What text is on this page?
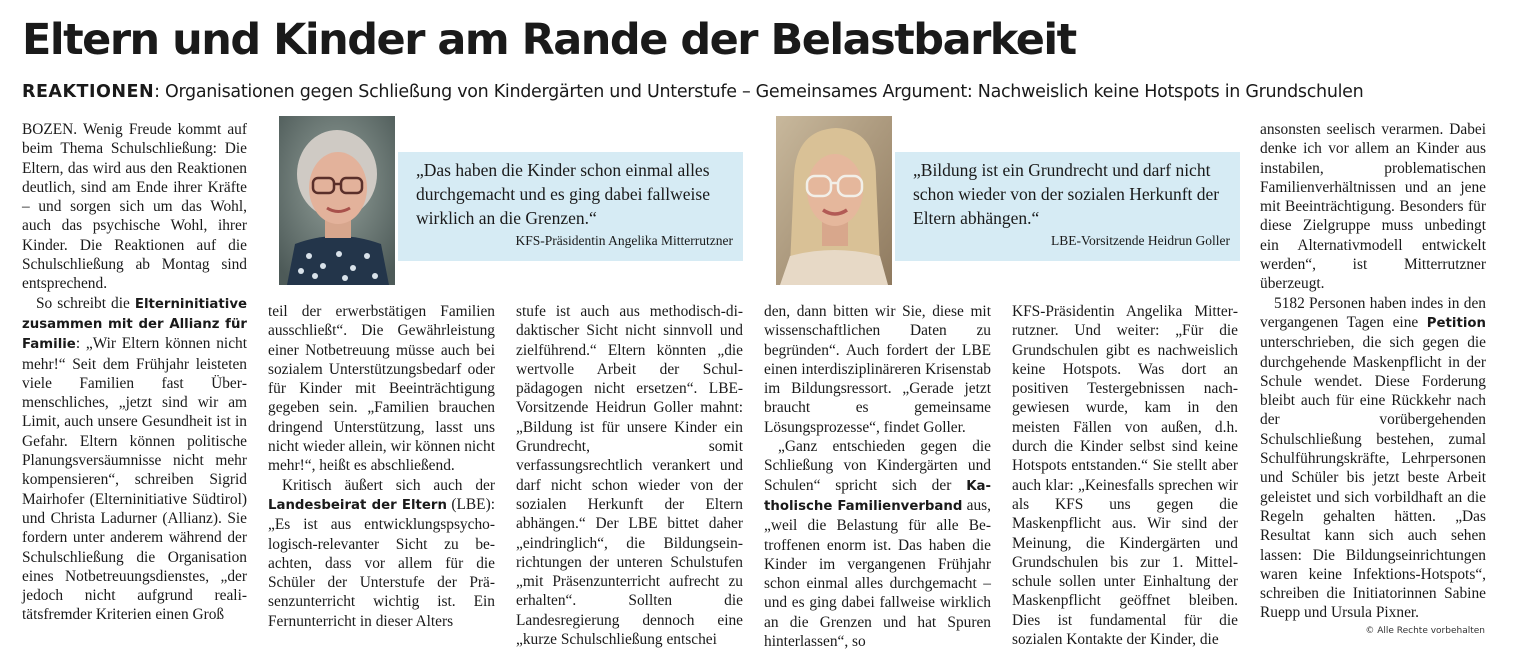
Eltern und Kinder am Rande der Belastbarkeit
REAKTIONEN: Organisationen gegen Schließung von Kindergärten und Unterstufe – Gemeinsames Argument: Nachweislich keine Hotspots in Grundschulen

BOZEN. Wenig Freude kommt auf beim Thema Schulschließung: Die Eltern, das wird aus den Reaktionen deutlich, sind am Ende ihrer Kräfte – und sorgen sich um das Wohl, auch das psychische Wohl, ihrer Kinder. Die Reaktionen auf die Schulschließung ab Montag sind entsprechend.

So schreibt die Elterninitiative zusammen mit der Allianz für Familie: „Wir Eltern können nicht mehr!“ Seit dem Frühjahr leisteten viele Familien fast Übermenschliches, „jetzt sind wir am Limit, auch unsere Gesundheit ist in Gefahr. Eltern können politische Planungsversäumnisse nicht mehr kompensieren“, schreiben Sigrid Mairhofer (Elterninitiative Südtirol) und Christa Ladurner (Allianz). Sie fordern unter anderem während der Schulschließung die Organisation eines Notbetreuungsdienstes, „der jedoch nicht aufgrund realitätsfremder Kriterien einen Groß

„Das haben die Kinder schon einmal alles durchgemacht und es ging dabei fallweise wirklich an die Grenzen.“
KFS-Präsidentin Angelika Mitterrutzner

teil der erwerbstätigen Familien ausschließt“. Die Gewährleistung einer Notbetreuung müsse auch bei sozialem Unterstützungsbedarf oder für Kinder mit Beeinträchtigung gegeben sein. „Familien brauchen dringend Unterstützung, lasst uns nicht wieder allein, wir können nicht mehr!“, heißt es abschließend.

Kritisch äußert sich auch der Landesbeirat der Eltern (LBE): „Es ist aus entwicklungspsychologisch-relevanter Sicht zu beachten, dass vor allem für die Schüler der Unterstufe der Präsenzunterricht wichtig ist. Ein Fernunterricht in dieser Alters

stufe ist auch aus methodisch-didaktischer Sicht nicht sinnvoll und zielführend.“ Eltern könnten „die wertvolle Arbeit der Schulpädagogen nicht ersetzen“. LBE-Vorsitzende Heidrun Goller mahnt: „Bildung ist für unsere Kinder ein Grundrecht, somit verfassungsrechtlich verankert und darf nicht schon wieder von der sozialen Herkunft der Eltern abhängen.“ Der LBE bittet daher „eindringlich“, die Bildungseinrichtungen der unteren Schulstufen „mit Präsenzunterricht aufrecht zu erhalten“. Sollten die Landesregierung dennoch eine „kurze Schulschließung entschei

„Bildung ist ein Grundrecht und darf nicht schon wieder von der sozialen Herkunft der Eltern abhängen.“
LBE-Vorsitzende Heidrun Goller

den, dann bitten wir Sie, diese mit wissenschaftlichen Daten zu begründen“. Auch fordert der LBE einen interdisziplinäreren Krisenstab im Bildungsressort. „Gerade jetzt braucht es gemeinsame Lösungsprozesse“, findet Goller.

„Ganz entschieden gegen die Schließung von Kindergärten und Schulen“ spricht sich der Katholische Familienverband aus, „weil die Belastung für alle Betroffenen enorm ist. Das haben die Kinder im vergangenen Frühjahr schon einmal alles durchgemacht – und es ging dabei fallweise wirklich an die Grenzen und hat Spuren hinterlassen“, so

KFS-Präsidentin Angelika Mitterrutzner. Und weiter: „Für die Grundschulen gibt es nachweislich keine Hotspots. Was dort an positiven Testergebnissen nachgewiesen wurde, kam in den meisten Fällen von außen, d.h. durch die Kinder selbst sind keine Hotspots entstanden.“ Sie stellt aber auch klar: „Keinesfalls sprechen wir als KFS uns gegen die Maskenpflicht aus. Wir sind der Meinung, die Kindergärten und Grundschulen bis zur 1. Mittelschule sollen unter Einhaltung der Maskenpflicht geöffnet bleiben. Dies ist fundamental für die sozialen Kontakte der Kinder, die

ansonsten seelisch verarmen. Dabei denke ich vor allem an Kinder aus instabilen, problematischen Familienverhältnissen und an jene mit Beeinträchtigung. Besonders für diese Zielgruppe muss unbedingt ein Alternativmodell entwickelt werden“, ist Mitterrutzner überzeugt.

5182 Personen haben indes in den vergangenen Tagen eine Petition unterschrieben, die sich gegen die durchgehende Maskenpflicht in der Schule wendet. Diese Forderung bleibt auch für eine Rückkehr nach der vorübergehenden Schulschließung bestehen, zumal Schulführungskräfte, Lehrpersonen und Schüler bis jetzt beste Arbeit geleistet und sich vorbildhaft an die Regeln gehalten hätten. „Das Resultat kann sich auch sehen lassen: Die Bildungseinrichtungen waren keine Infektions-Hotspots“, schreiben die Initiatorinnen Sabine Ruepp und Ursula Pixner.

© Alle Rechte vorbehalten
